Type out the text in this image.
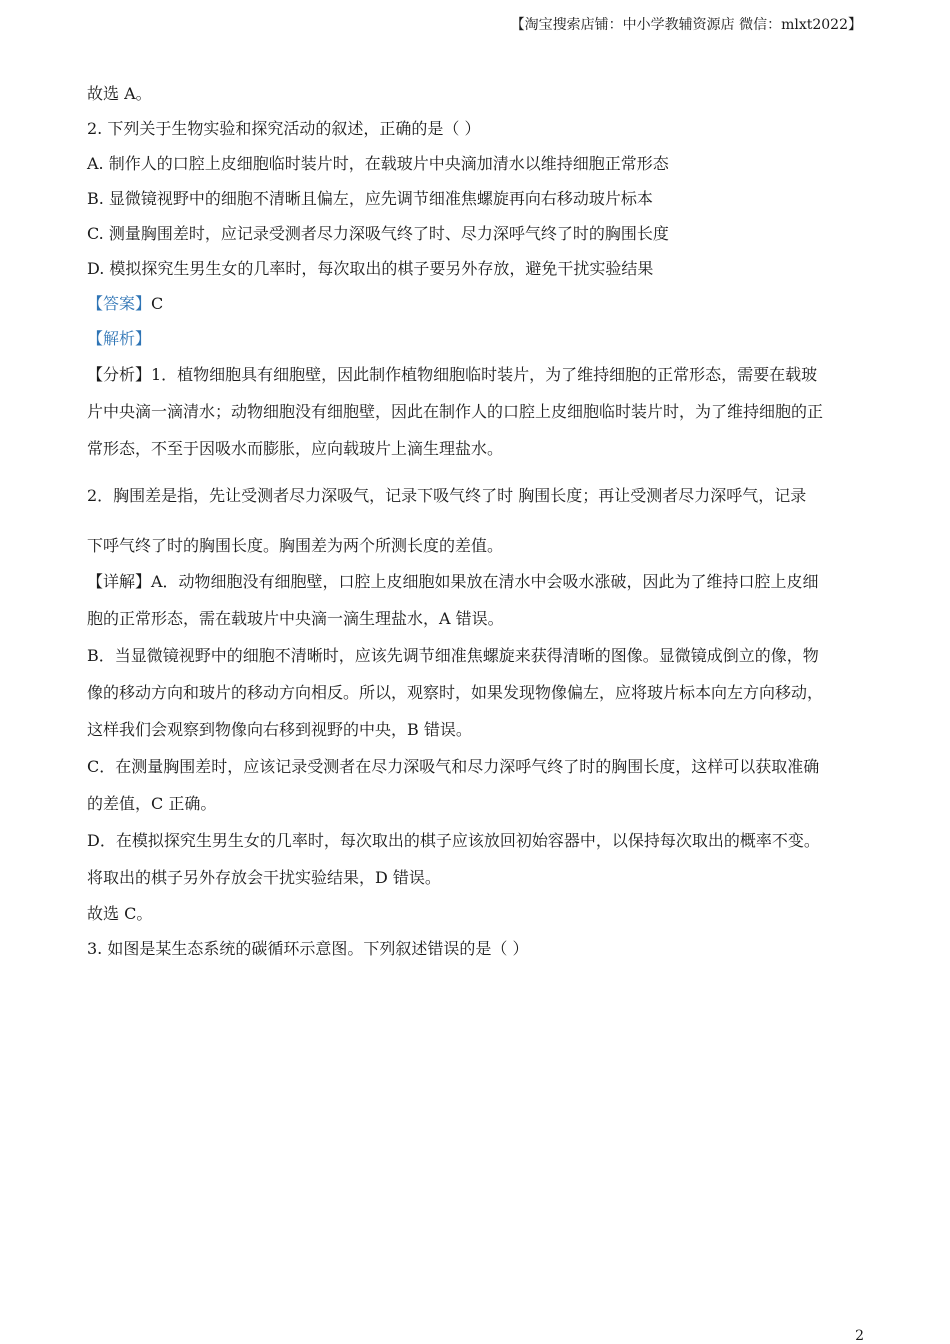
【淘宝搜索店铺：中小学教辅资源店 微信：mlxt2022】
故选 A。
2. 下列关于生物实验和探究活动的叙述，正确的是（ ）
A. 制作人的口腔上皮细胞临时装片时，在载玻片中央滴加清水以维持细胞正常形态
B. 显微镜视野中的细胞不清晰且偏左，应先调节细准焦螺旋再向右移动玻片标本
C. 测量胸围差时，应记录受测者尽力深吸气终了时、尽力深呼气终了时的胸围长度
D. 模拟探究生男生女的几率时，每次取出的棋子要另外存放，避免干扰实验结果
【答案】C
【解析】
【分析】1．植物细胞具有细胞壁，因此制作植物细胞临时装片，为了维持细胞的正常形态，需要在载玻
片中央滴一滴清水；动物细胞没有细胞壁，因此在制作人的口腔上皮细胞临时装片时，为了维持细胞的正
常形态，不至于因吸水而膨胀，应向载玻片上滴生理盐水。
2．胸围差是指，先让受测者尽力深吸气，记录下吸气终了时 胸围长度；再让受测者尽力深呼气，记录
下呼气终了时的胸围长度。胸围差为两个所测长度的差值。
【详解】A．动物细胞没有细胞壁，口腔上皮细胞如果放在清水中会吸水涨破，因此为了维持口腔上皮细
胞的正常形态，需在载玻片中央滴一滴生理盐水，A 错误。
B．当显微镜视野中的细胞不清晰时，应该先调节细准焦螺旋来获得清晰的图像。显微镜成倒立的像，物
像的移动方向和玻片的移动方向相反。所以，观察时，如果发现物像偏左，应将玻片标本向左方向移动，
这样我们会观察到物像向右移到视野的中央，B 错误。
C．在测量胸围差时，应该记录受测者在尽力深吸气和尽力深呼气终了时的胸围长度，这样可以获取准确
的差值，C 正确。
D．在模拟探究生男生女的几率时，每次取出的棋子应该放回初始容器中，以保持每次取出的概率不变。
将取出的棋子另外存放会干扰实验结果，D 错误。
故选 C。
3. 如图是某生态系统的碳循环示意图。下列叙述错误的是（ ）
2
